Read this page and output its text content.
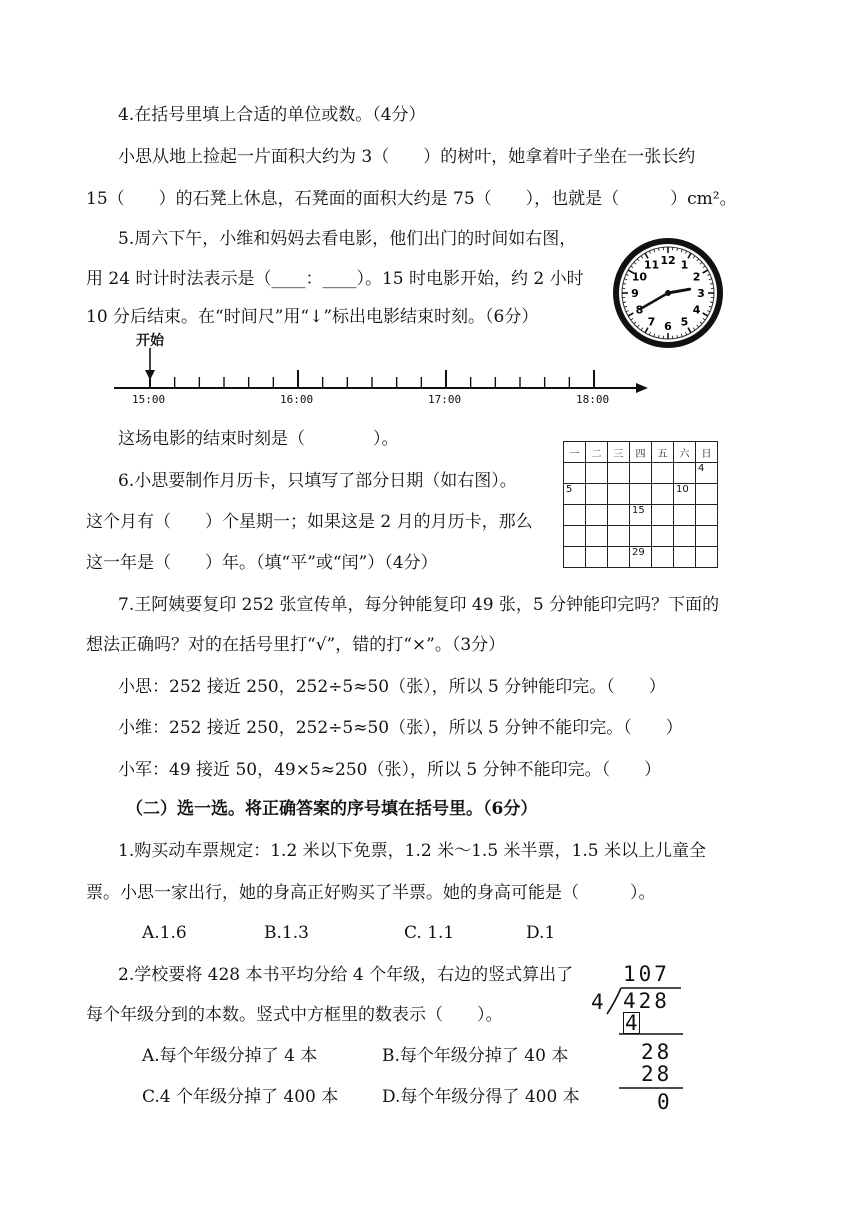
4.在括号里填上合适的单位或数。（4分）
小思从地上捡起一片面积大约为 3（　　）的树叶，她拿着叶子坐在一张长约
15（　　）的石凳上休息，石凳面的面积大约是 75（　　），也就是（　　　）cm²。
5.周六下午，小维和妈妈去看电影，他们出门的时间如右图，
用 24 时计时法表示是（____：____）。15 时电影开始，约 2 小时
10 分后结束。在“时间尺”用“↓”标出电影结束时刻。（6分）
12 1
2
3
4
5
6
7
8
9
10
11
开始
15:00	16:00	17:00	18:00
这场电影的结束时刻是（　　　　）。
6.小思要制作月历卡，只填写了部分日期（如右图）。
这个月有（　　）个星期一；如果这是 2 月的月历卡，那么
这一年是（　　）年。（填“平”或“闰”）（4分）
一	二	三	四	五	六	日
						4
5					10	
			15			

			29			
7.王阿姨要复印 252 张宣传单，每分钟能复印 49 张，5 分钟能印完吗？下面的
想法正确吗？对的在括号里打“√”，错的打“×”。（3分）
小思：252 接近 250，252÷5≈50（张），所以 5 分钟能印完。（　　）
小维：252 接近 250，252÷5≈50（张），所以 5 分钟不能印完。（　　）
小军：49 接近 50，49×5≈250（张），所以 5 分钟不能印完。（　　）
（二）选一选。将正确答案的序号填在括号里。（6分）
1.购买动车票规定：1.2 米以下免票，1.2 米～1.5 米半票，1.5 米以上儿童全
票。小思一家出行，她的身高正好购买了半票。她的身高可能是（　　　）。
A.1.6	B.1.3	C. 1.1	D.1
2.学校要将 428 本书平均分给 4 个年级，右边的竖式算出了
每个年级分到的本数。竖式中方框里的数表示（　　）。
A.每个年级分掉了 4 本	B.每个年级分掉了 40 本
C.4 个年级分掉了 400 本	D.每个年级分得了 400 本
107
4 428
4
28
28
0
